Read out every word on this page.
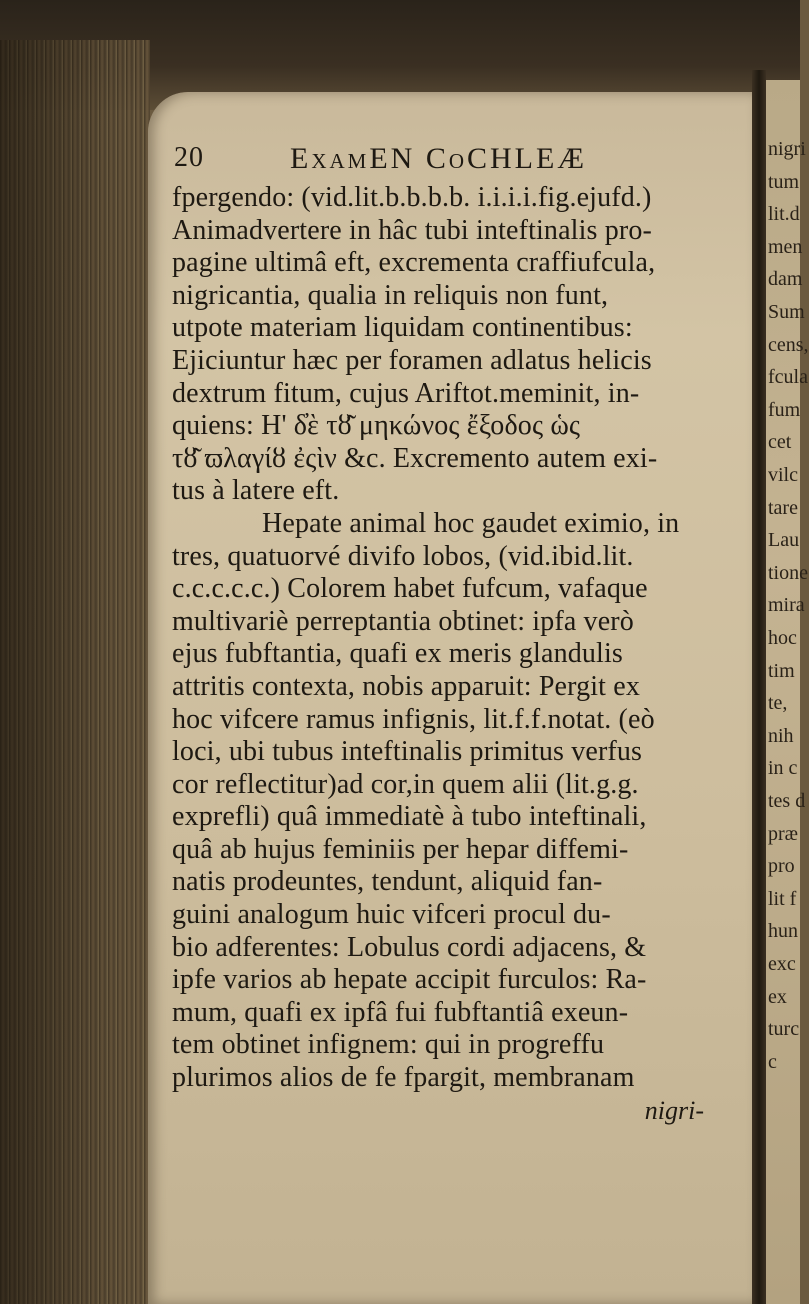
nigri
tum
lit.d
men
dam
Sum
cens,
fcula
fum
cet
vilc
tare
Lau
tione
mira
hoc
tim
te,
nih
in c
tes d
præ
pro
lit f
hun
exc
ex
turc
c
20	ExamEN CoCHLEÆ
fpergendo: (vid.lit.b.b.b.b. i.i.i.i.fig.ejufd.)
Animadvertere in hâc tubi inteftinalis pro-
pagine ultimâ eft, excrementa craffiufcula,
nigricantia, qualia in reliquis non funt,
utpote materiam liquidam continentibus:
Ejiciuntur hæc per foramen adlatus helicis
dextrum fitum, cujus Ariftot.meminit, in-
quiens: H' δ̓ὲ τȣ͂ μηκώνος ἔξοδος ὡς
τȣ͂ ϖλαγίȣ ἐςὶν &c. Excremento autem exi-
tus à latere eft.
Hepate animal hoc gaudet eximio, in
tres, quatuorvé divifo lobos, (vid.ibid.lit.
c.c.c.c.c.) Colorem habet fufcum, vafaque
multivariè perreptantia obtinet: ipfa verò
ejus fubftantia, quafi ex meris glandulis
attritis contexta, nobis apparuit: Pergit ex
hoc vifcere ramus infignis, lit.f.f.notat. (eò
loci, ubi tubus inteftinalis primitus verfus
cor reflectitur)ad cor,in quem alii (lit.g.g.
exprefli) quâ immediatè à tubo inteftinali,
quâ ab hujus feminiis per hepar diffemi-
natis prodeuntes, tendunt, aliquid fan-
guini analogum huic vifceri procul du-
bio adferentes: Lobulus cordi adjacens, &
ipfe varios ab hepate accipit furculos: Ra-
mum, quafi ex ipfâ fui fubftantiâ exeun-
tem obtinet infignem: qui in progreffu
plurimos alios de fe fpargit, membranam
nigri-
